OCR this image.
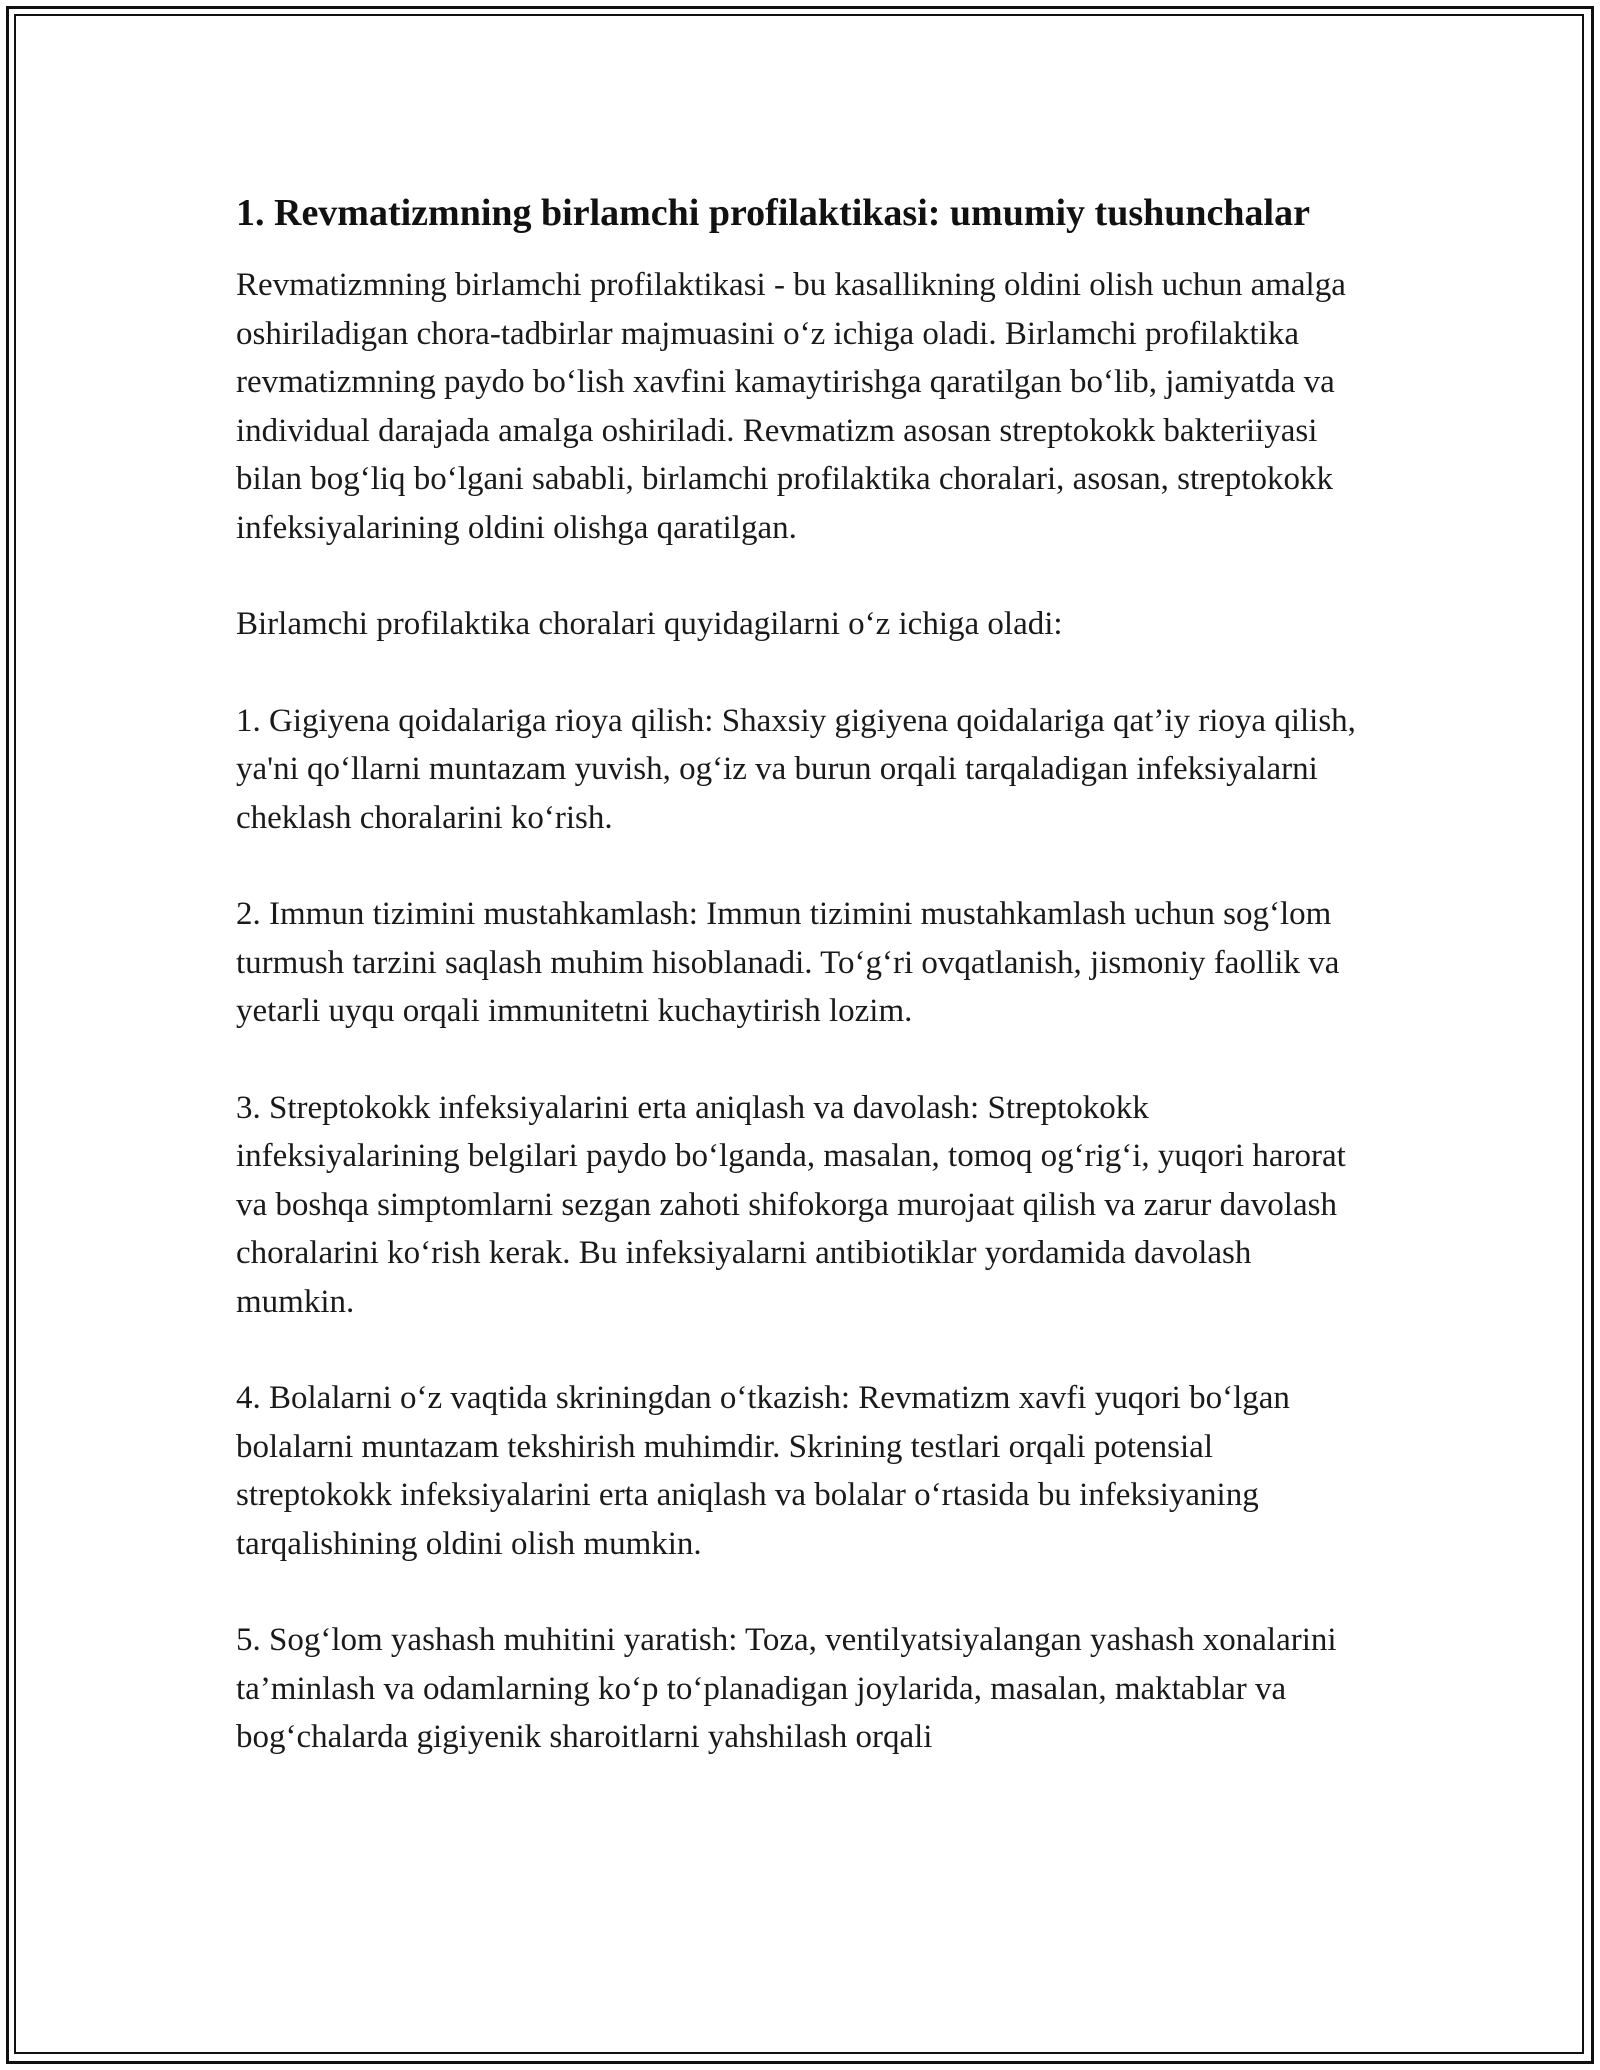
1. Revmatizmning birlamchi profilaktikasi: umumiy tushunchalar

Revmatizmning birlamchi profilaktikasi - bu kasallikning oldini olish uchun amalga oshiriladigan chora-tadbirlar majmuasini o‘z ichiga oladi. Birlamchi profilaktika revmatizmning paydo bo‘lish xavfini kamaytirishga qaratilgan bo‘lib, jamiyatda va individual darajada amalga oshiriladi. Revmatizm asosan streptokokk bakteriiyasi bilan bog‘liq bo‘lgani sababli, birlamchi profilaktika choralari, asosan, streptokokk infeksiyalarining oldini olishga qaratilgan.

Birlamchi profilaktika choralari quyidagilarni o‘z ichiga oladi:

1. Gigiyena qoidalariga rioya qilish: Shaxsiy gigiyena qoidalariga qat’iy rioya qilish, ya'ni qo‘llarni muntazam yuvish, og‘iz va burun orqali tarqaladigan infeksiyalarni cheklash choralarini ko‘rish.

2. Immun tizimini mustahkamlash: Immun tizimini mustahkamlash uchun sog‘lom turmush tarzini saqlash muhim hisoblanadi. To‘g‘ri ovqatlanish, jismoniy faollik va yetarli uyqu orqali immunitetni kuchaytirish lozim.

3. Streptokokk infeksiyalarini erta aniqlash va davolash: Streptokokk infeksiyalarining belgilari paydo bo‘lganda, masalan, tomoq og‘rig‘i, yuqori harorat va boshqa simptomlarni sezgan zahoti shifokorga murojaat qilish va zarur davolash choralarini ko‘rish kerak. Bu infeksiyalarni antibiotiklar yordamida davolash mumkin.

4. Bolalarni o‘z vaqtida skriningdan o‘tkazish: Revmatizm xavfi yuqori bo‘lgan bolalarni muntazam tekshirish muhimdir. Skrining testlari orqali potensial streptokokk infeksiyalarini erta aniqlash va bolalar o‘rtasida bu infeksiyaning tarqalishining oldini olish mumkin.

5. Sog‘lom yashash muhitini yaratish: Toza, ventilyatsiyalangan yashash xonalarini ta’minlash va odamlarning ko‘p to‘planadigan joylarida, masalan, maktablar va bog‘chalarda gigiyenik sharoitlarni yahshilash orqali
